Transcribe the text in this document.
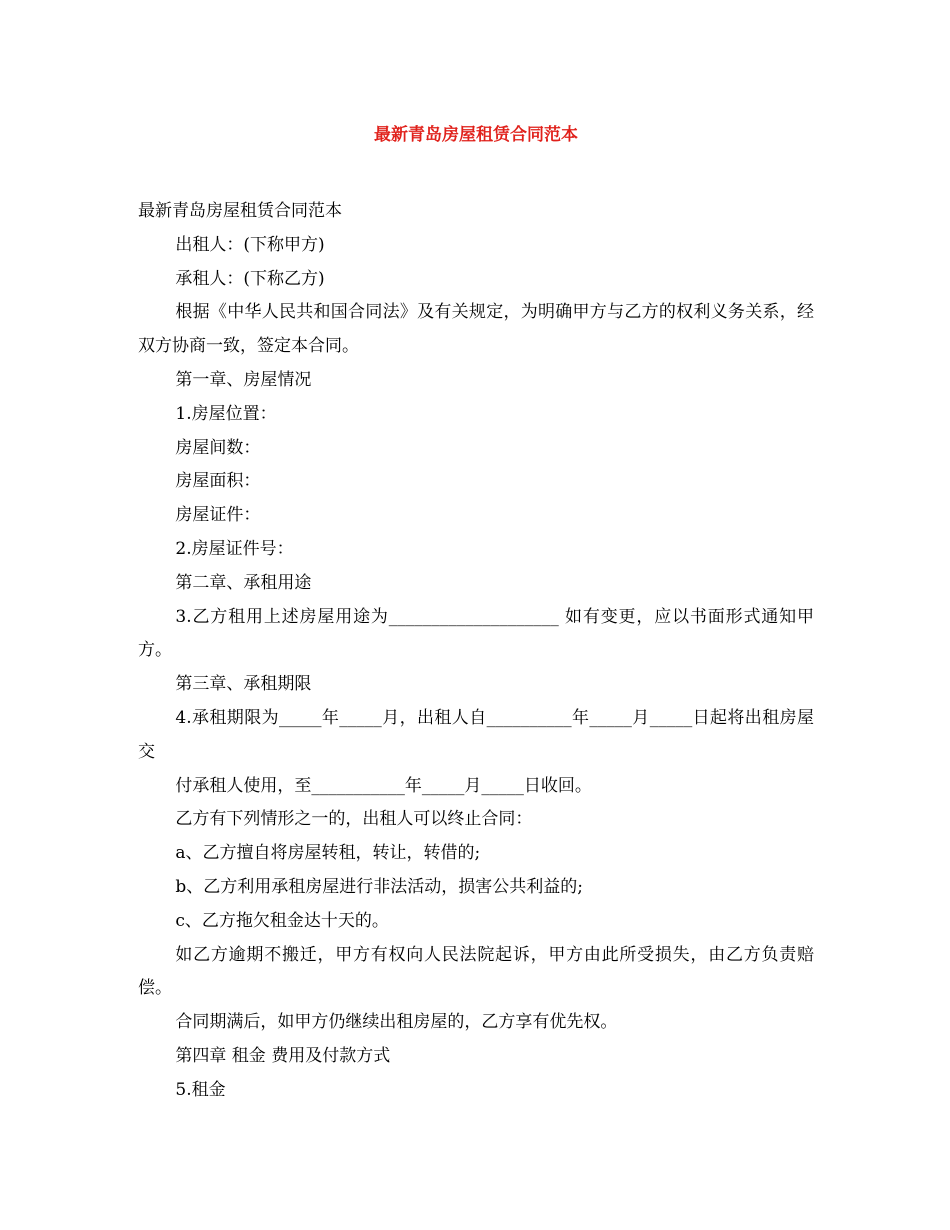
最新青岛房屋租赁合同范本

最新青岛房屋租赁合同范本

出租人：(下称甲方)

承租人：(下称乙方)

根据《中华人民共和国合同法》及有关规定，为明确甲方与乙方的权利义务关系，经双方协商一致，签定本合同。

第一章、房屋情况

1.房屋位置：

房屋间数：

房屋面积：

房屋证件：

2.房屋证件号：

第二章、承租用途

3.乙方租用上述房屋用途为____________________ 如有变更，应以书面形式通知甲方。

第三章、承租期限

4.承租期限为_____年_____月，出租人自__________年_____月_____日起将出租房屋交

付承租人使用，至___________年_____月_____日收回。

乙方有下列情形之一的，出租人可以终止合同：

a、乙方擅自将房屋转租，转让，转借的;

b、乙方利用承租房屋进行非法活动，损害公共利益的;

c、乙方拖欠租金达十天的。

如乙方逾期不搬迁，甲方有权向人民法院起诉，甲方由此所受损失，由乙方负责赔偿。

合同期满后，如甲方仍继续出租房屋的，乙方享有优先权。

第四章 租金 费用及付款方式

5.租金
